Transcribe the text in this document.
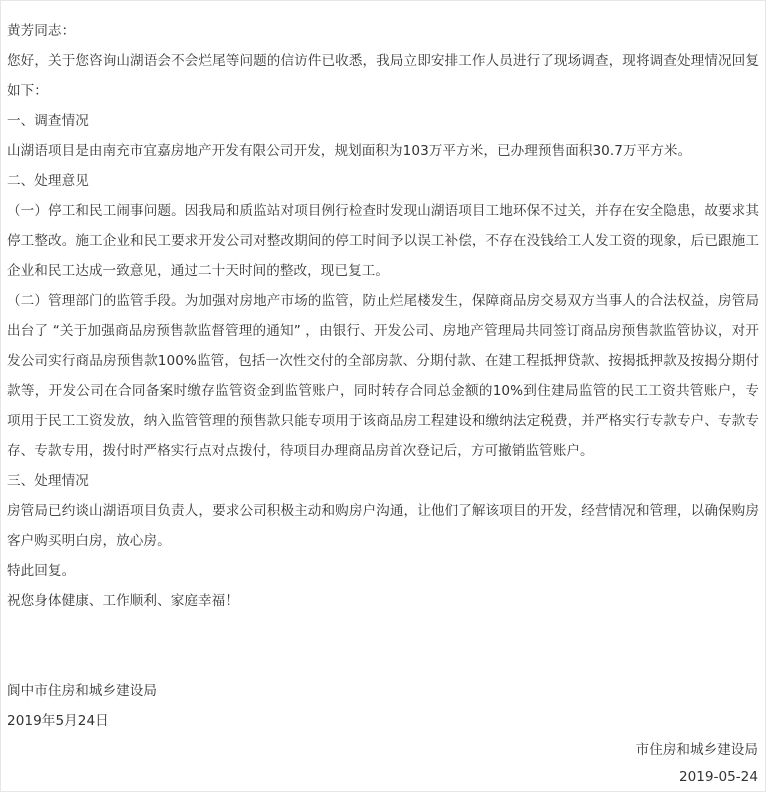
黄芳同志：

您好，关于您咨询山湖语会不会烂尾等问题的信访件已收悉，我局立即安排工作人员进行了现场调查，现将调查处理情况回复如下：

一、调查情况

山湖语项目是由南充市宜嘉房地产开发有限公司开发，规划面积为103万平方米，已办理预售面积30.7万平方米。

二、处理意见

（一）停工和民工闹事问题。因我局和质监站对项目例行检查时发现山湖语项目工地环保不过关，并存在安全隐患，故要求其停工整改。施工企业和民工要求开发公司对整改期间的停工时间予以误工补偿，不存在没钱给工人发工资的现象，后已跟施工企业和民工达成一致意见，通过二十天时间的整改，现已复工。

（二）管理部门的监管手段。为加强对房地产市场的监管，防止烂尾楼发生，保障商品房交易双方当事人的合法权益，房管局出台了 “关于加强商品房预售款监督管理的通知” ，由银行、开发公司、房地产管理局共同签订商品房预售款监管协议，对开发公司实行商品房预售款100%监管，包括一次性交付的全部房款、分期付款、在建工程抵押贷款、按揭抵押款及按揭分期付款等，开发公司在合同备案时缴存监管资金到监管账户，同时转存合同总金额的10%到住建局监管的民工工资共管账户，专项用于民工工资发放，纳入监管管理的预售款只能专项用于该商品房工程建设和缴纳法定税费，并严格实行专款专户、专款专存、专款专用，拨付时严格实行点对点拨付，待项目办理商品房首次登记后，方可撤销监管账户。

三、处理情况

房管局已约谈山湖语项目负责人，要求公司积极主动和购房户沟通，让他们了解该项目的开发，经营情况和管理，以确保购房客户购买明白房，放心房。

特此回复。

祝您身体健康、工作顺利、家庭幸福！

阆中市住房和城乡建设局

2019年5月24日

市住房和城乡建设局
2019-05-24
